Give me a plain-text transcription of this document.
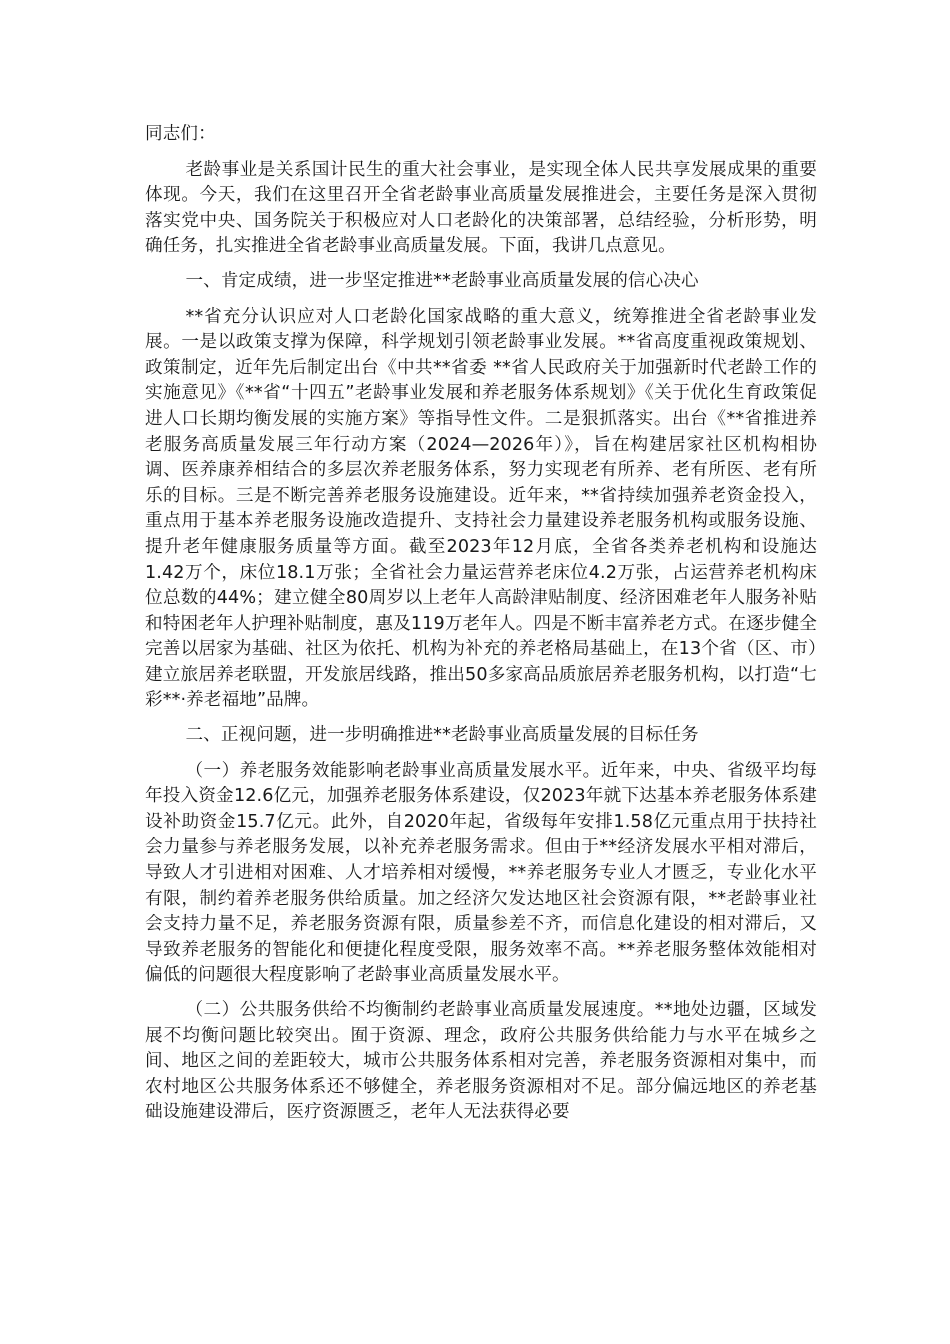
同志们：

老龄事业是关系国计民生的重大社会事业，是实现全体人民共享发展成果的重要体现。今天，我们在这里召开全省老龄事业高质量发展推进会，主要任务是深入贯彻落实党中央、国务院关于积极应对人口老龄化的决策部署，总结经验，分析形势，明确任务，扎实推进全省老龄事业高质量发展。下面，我讲几点意见。

一、肯定成绩，进一步坚定推进**老龄事业高质量发展的信心决心

**省充分认识应对人口老龄化国家战略的重大意义，统筹推进全省老龄事业发展。一是以政策支撑为保障，科学规划引领老龄事业发展。**省高度重视政策规划、政策制定，近年先后制定出台《中共**省委 **省人民政府关于加强新时代老龄工作的实施意见》《**省“十四五”老龄事业发展和养老服务体系规划》《关于优化生育政策促进人口长期均衡发展的实施方案》等指导性文件。二是狠抓落实。出台《**省推进养老服务高质量发展三年行动方案（2024—2026年）》，旨在构建居家社区机构相协调、医养康养相结合的多层次养老服务体系，努力实现老有所养、老有所医、老有所乐的目标。三是不断完善养老服务设施建设。近年来，**省持续加强养老资金投入，重点用于基本养老服务设施改造提升、支持社会力量建设养老服务机构或服务设施、提升老年健康服务质量等方面。截至2023年12月底，全省各类养老机构和设施达1.42万个，床位18.1万张；全省社会力量运营养老床位4.2万张，占运营养老机构床位总数的44%；建立健全80周岁以上老年人高龄津贴制度、经济困难老年人服务补贴和特困老年人护理补贴制度，惠及119万老年人。四是不断丰富养老方式。在逐步健全完善以居家为基础、社区为依托、机构为补充的养老格局基础上，在13个省（区、市）建立旅居养老联盟，开发旅居线路，推出50多家高品质旅居养老服务机构，以打造“七彩**·养老福地”品牌。

二、正视问题，进一步明确推进**老龄事业高质量发展的目标任务

（一）养老服务效能影响老龄事业高质量发展水平。近年来，中央、省级平均每年投入资金12.6亿元，加强养老服务体系建设，仅2023年就下达基本养老服务体系建设补助资金15.7亿元。此外，自2020年起，省级每年安排1.58亿元重点用于扶持社会力量参与养老服务发展，以补充养老服务需求。但由于**经济发展水平相对滞后，导致人才引进相对困难、人才培养相对缓慢，**养老服务专业人才匮乏，专业化水平有限，制约着养老服务供给质量。加之经济欠发达地区社会资源有限，**老龄事业社会支持力量不足，养老服务资源有限，质量参差不齐，而信息化建设的相对滞后，又导致养老服务的智能化和便捷化程度受限，服务效率不高。**养老服务整体效能相对偏低的问题很大程度影响了老龄事业高质量发展水平。

（二）公共服务供给不均衡制约老龄事业高质量发展速度。**地处边疆，区域发展不均衡问题比较突出。囿于资源、理念，政府公共服务供给能力与水平在城乡之间、地区之间的差距较大，城市公共服务体系相对完善，养老服务资源相对集中，而农村地区公共服务体系还不够健全，养老服务资源相对不足。部分偏远地区的养老基础设施建设滞后，医疗资源匮乏，老年人无法获得必要
